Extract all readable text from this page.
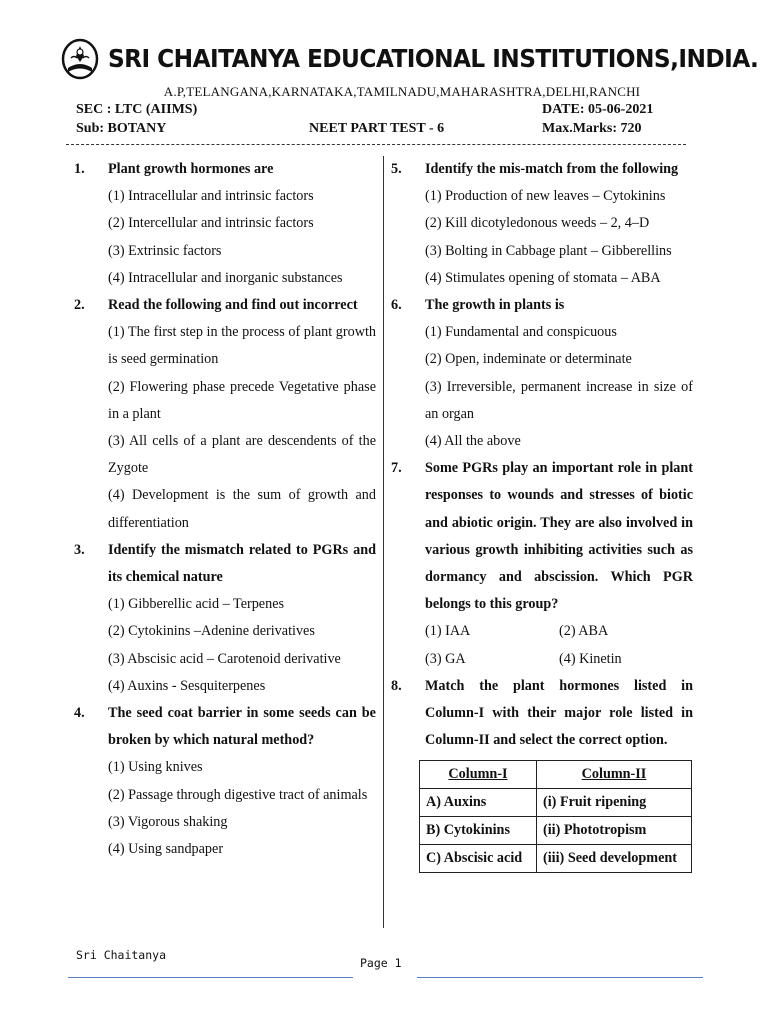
SRI CHAITANYA EDUCATIONAL INSTITUTIONS,INDIA.
A.P,TELANGANA,KARNATAKA,TAMILNADU,MAHARASHTRA,DELHI,RANCHI
SEC : LTC (AIIMS)	DATE: 05-06-2021
Sub: BOTANY	NEET PART TEST - 6	Max.Marks: 720
1. Plant growth hormones are
(1) Intracellular and intrinsic factors
(2) Intercellular and intrinsic factors
(3) Extrinsic factors
(4) Intracellular and inorganic substances
2. Read the following and find out incorrect
(1) The first step in the process of plant growth is seed germination
(2) Flowering phase precede Vegetative phase in a plant
(3) All cells of a plant are descendents of the Zygote
(4) Development is the sum of growth and differentiation
3. Identify the mismatch related to PGRs and its chemical nature
(1) Gibberellic acid – Terpenes
(2) Cytokinins –Adenine derivatives
(3) Abscisic acid – Carotenoid derivative
(4) Auxins - Sesquiterpenes
4. The seed coat barrier in some seeds can be broken by which natural method?
(1) Using knives
(2) Passage through digestive tract of animals
(3) Vigorous shaking
(4) Using sandpaper
5. Identify the mis-match from the following
(1) Production of new leaves – Cytokinins
(2) Kill dicotyledonous weeds – 2, 4–D
(3) Bolting in Cabbage plant – Gibberellins
(4) Stimulates opening of stomata – ABA
6. The growth in plants is
(1) Fundamental and conspicuous
(2) Open, indeminate or determinate
(3) Irreversible, permanent increase in size of an organ
(4) All the above
7. Some PGRs play an important role in plant responses to wounds and stresses of biotic and abiotic origin. They are also involved in various growth inhibiting activities such as dormancy and abscission. Which PGR belongs to this group?
(1) IAA	(2) ABA
(3) GA	(4) Kinetin
8. Match the plant hormones listed in Column-I with their major role listed in Column-II and select the correct option.
Column-I	Column-II
A) Auxins	(i) Fruit ripening
B) Cytokinins	(ii) Phototropism
C) Abscisic acid	(iii) Seed development
Sri Chaitanya
Page 1
